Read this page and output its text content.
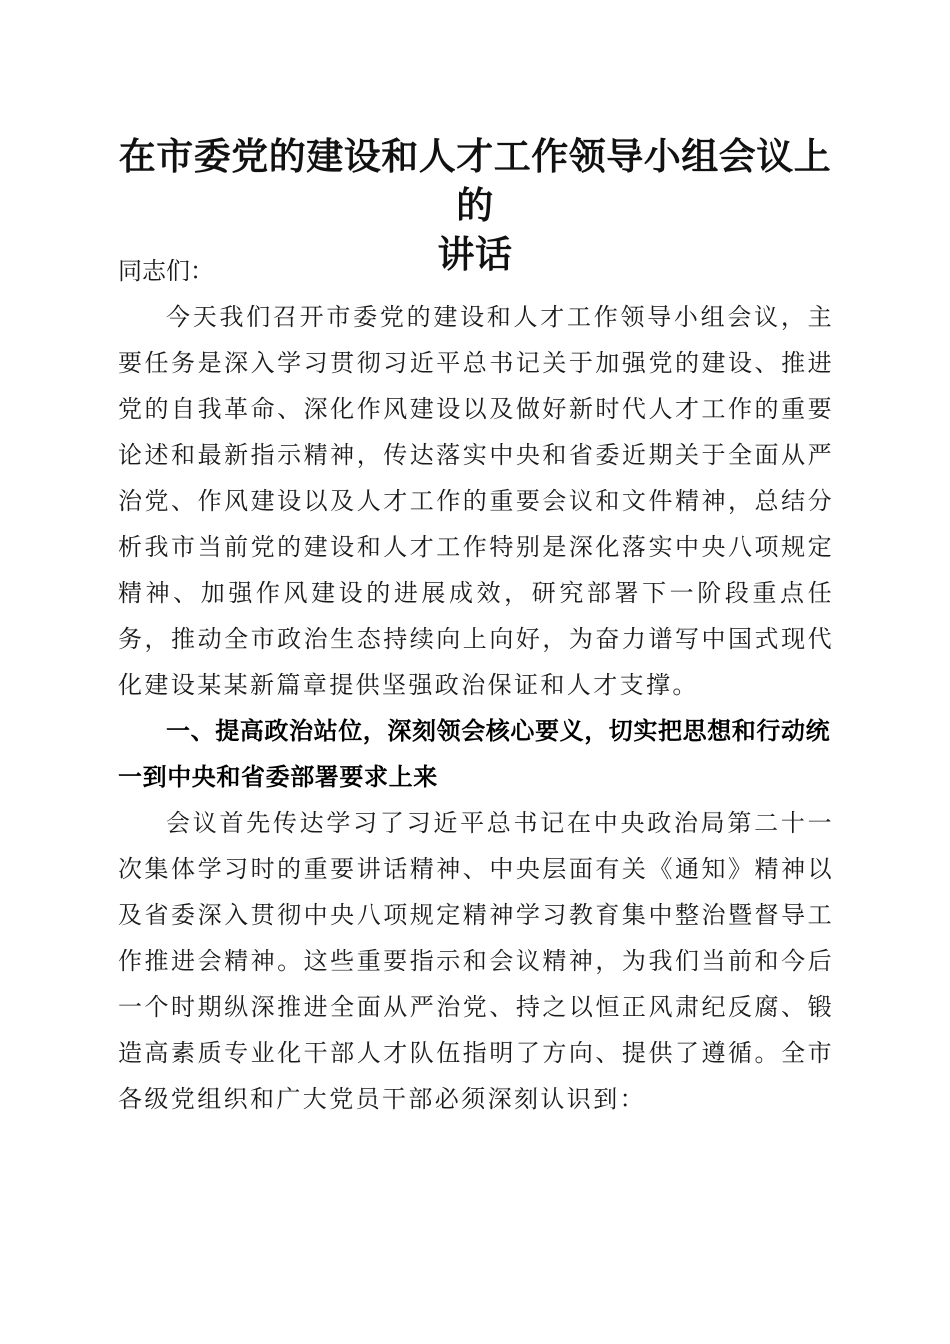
在市委党的建设和人才工作领导小组会议上的
讲话

同志们：

今天我们召开市委党的建设和人才工作领导小组会议，主要任务是深入学习贯彻习近平总书记关于加强党的建设、推进党的自我革命、深化作风建设以及做好新时代人才工作的重要论述和最新指示精神，传达落实中央和省委近期关于全面从严治党、作风建设以及人才工作的重要会议和文件精神，总结分析我市当前党的建设和人才工作特别是深化落实中央八项规定精神、加强作风建设的进展成效，研究部署下一阶段重点任务，推动全市政治生态持续向上向好，为奋力谱写中国式现代化建设某某新篇章提供坚强政治保证和人才支撑。

一、提高政治站位，深刻领会核心要义，切实把思想和行动统一到中央和省委部署要求上来

会议首先传达学习了习近平总书记在中央政治局第二十一次集体学习时的重要讲话精神、中央层面有关《通知》精神以及省委深入贯彻中央八项规定精神学习教育集中整治暨督导工作推进会精神。这些重要指示和会议精神，为我们当前和今后一个时期纵深推进全面从严治党、持之以恒正风肃纪反腐、锻造高素质专业化干部人才队伍指明了方向、提供了遵循。全市各级党组织和广大党员干部必须深刻认识到：
